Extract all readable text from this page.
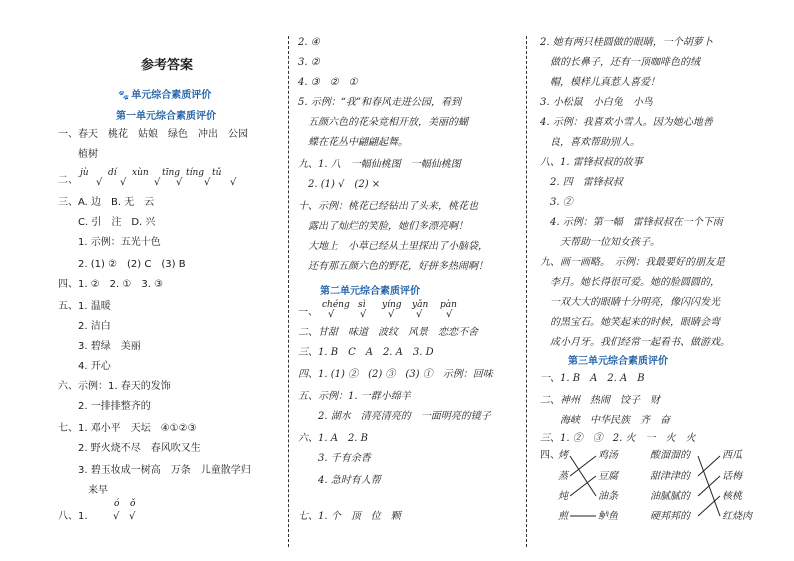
参考答案
🐾 单元综合素质评价
第一单元综合素质评价
jù dí xùn tīng tíng tǔ
√ √	√ √ √ √
一、春天　桃花　姑娘　绿色　冲出　公园
　　植树
二、
三、A. 边　B. 无　云
　　C. 引　注　D. 兴
　　1. 示例：五光十色
　　2. (1) ②　(2) C　(3) B
四、1. ②　2. ①　3. ③
五、1. 温暖
　　2. 洁白
　　3. 碧绿　美丽
　　4. 开心
六、示例：1. 春天的发饰
　　2. 一排排整齐的
七、1. 邓小平　天坛　④①②③
　　2. 野火烧不尽　春风吹又生
　　3. 碧玉妆成一树高　万条　儿童散学归
　　　来早
八、1.
ó ǒ
√ √
2. ④
3. ②
4. ③　②　①
5. 示例：“我”和春风走进公园，看到
　五颜六色的花朵竞相开放，美丽的蝴
　蝶在花丛中翩翩起舞。
九、1. 八　一幅仙桃图　一幅仙桃图
　2. (1) √　(2) ×
十、示例：桃花已经钻出了头来，桃花也
　露出了灿烂的笑脸，她们多漂亮啊！
　大地上　小草已经从土里探出了小脑袋，
　还有那五颜六色的野花，好拼多热闹啊！
第二单元综合素质评价
chéng sì yíng yǎn pàn
√	√ √ √ √
一、
二、甘甜　味道　波纹　风景　恋恋不舍
三、1. B　C　A　2. A　3. D
四、1. (1) ②　(2) ③　(3) ①　示例：回味
五、示例：1. 一群小绵羊
　　2. 湖水　清亮清亮的　一面明亮的镜子
六、1. A　2. B
　　3. 千有余香
　　4. 急时有人帮
七、1. 个　顶　位　颗
2. 她有两只桂圆做的眼睛，一个胡萝卜
　做的长鼻子，还有一顶咖啡色的绒
　帽，模样儿真惹人喜爱！
3. 小松鼠　小白兔　小鸟
4. 示例：我喜欢小雪人。因为她心地善
　良，喜欢帮助别人。
八、1. 雷锋叔叔的故事
　2. 四　雷锋叔叔
　3. ②
　4. 示例：第一幅　雷锋叔叔在一个下雨
　　天帮助一位知女孩子。
九、画一画略。　示例：我最要好的朋友是
　李月。她长得很可爱。她的脸圆圆的，
　一双大大的眼睛十分明亮，像闪闪发光
　的黑宝石。她笑起来的时候，眼睛会弯
　成小月牙。我们经常一起看书、做游戏。
第三单元综合素质评价
一、1. B　A　2. A　B
二、神州　热闹　饺子　财
　　海峡　中华民族　齐　奋
三、1. ②　③　2. 火　一　火　火
四、
烤
蒸
炖
煎
鸡汤
豆腐
油条
鲈鱼
酸溜溜的
甜津津的
油腻腻的
硬邦邦的
西瓜
话梅
核桃
红烧肉
